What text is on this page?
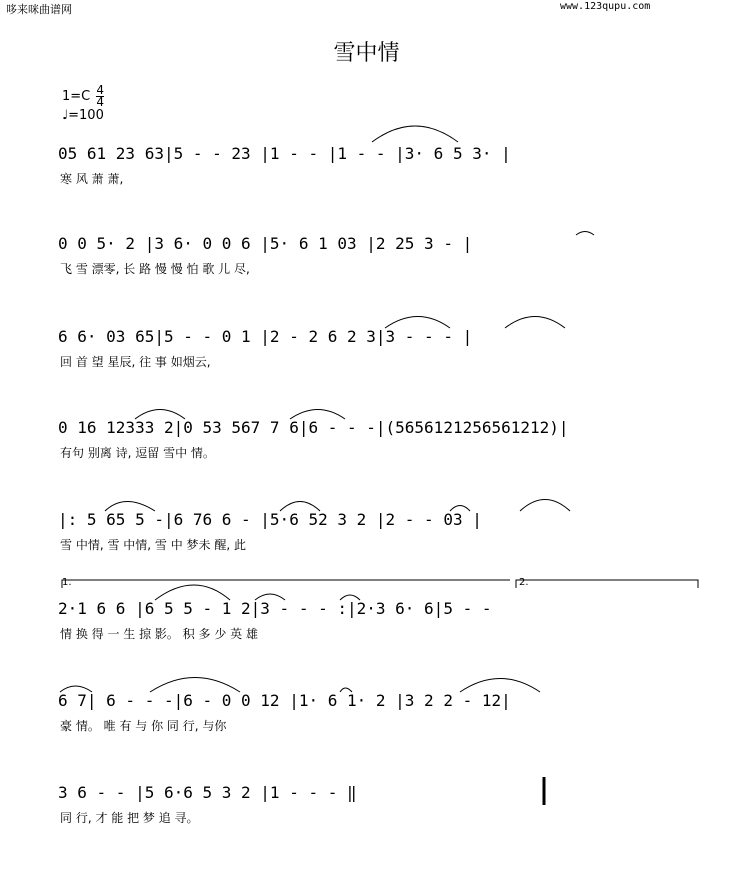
哆来咪曲谱网	www.123qupu.com
雪中情
$1=C \frac{4}{4}$
♩=100
05 61 23 63|5 - - 23 |1 - - |1 - - |3· 6 5 3· |
寒 风 萧 萧,
0 0 5· 2 |3 6· 0 0 6 |5· 6 1 03 |2 25 3 - |
飞 雪 漂零, 长 路 慢 慢 怕 歌 儿 尽,
6 6· 03 65|5 - - 0 1 |2 - 2 6 2 3|3 - - - |
回 首 望 星辰, 往 事 如烟云,
0 16 12333 2|0 53 567 7 6|6 - - -|(5656121256561212)|
有句 别离 诗, 逗留 雪中 情。
|: 5 65 5 -|6 76 6 - |5·6 52 3 2 |2 - - 03 |
雪 中情, 雪 中情, 雪 中 梦未 醒, 此
1.	2.
2·1 6 6 |6 5 5 - 1 2|3 - - - :|2·3 6· 6|5 - -
情 换 得 一 生 掠 影。 积 多 少 英 雄
6 7| 6 - - -|6 - 0 0 12 |1· 6 1· 2 |3 2 2 - 12|
豪 情。 唯 有 与 你 同 行, 与你
3 6 - - |5 6·6 5 3 2 |1 - - - ‖
同 行, 才 能 把 梦 追 寻。
